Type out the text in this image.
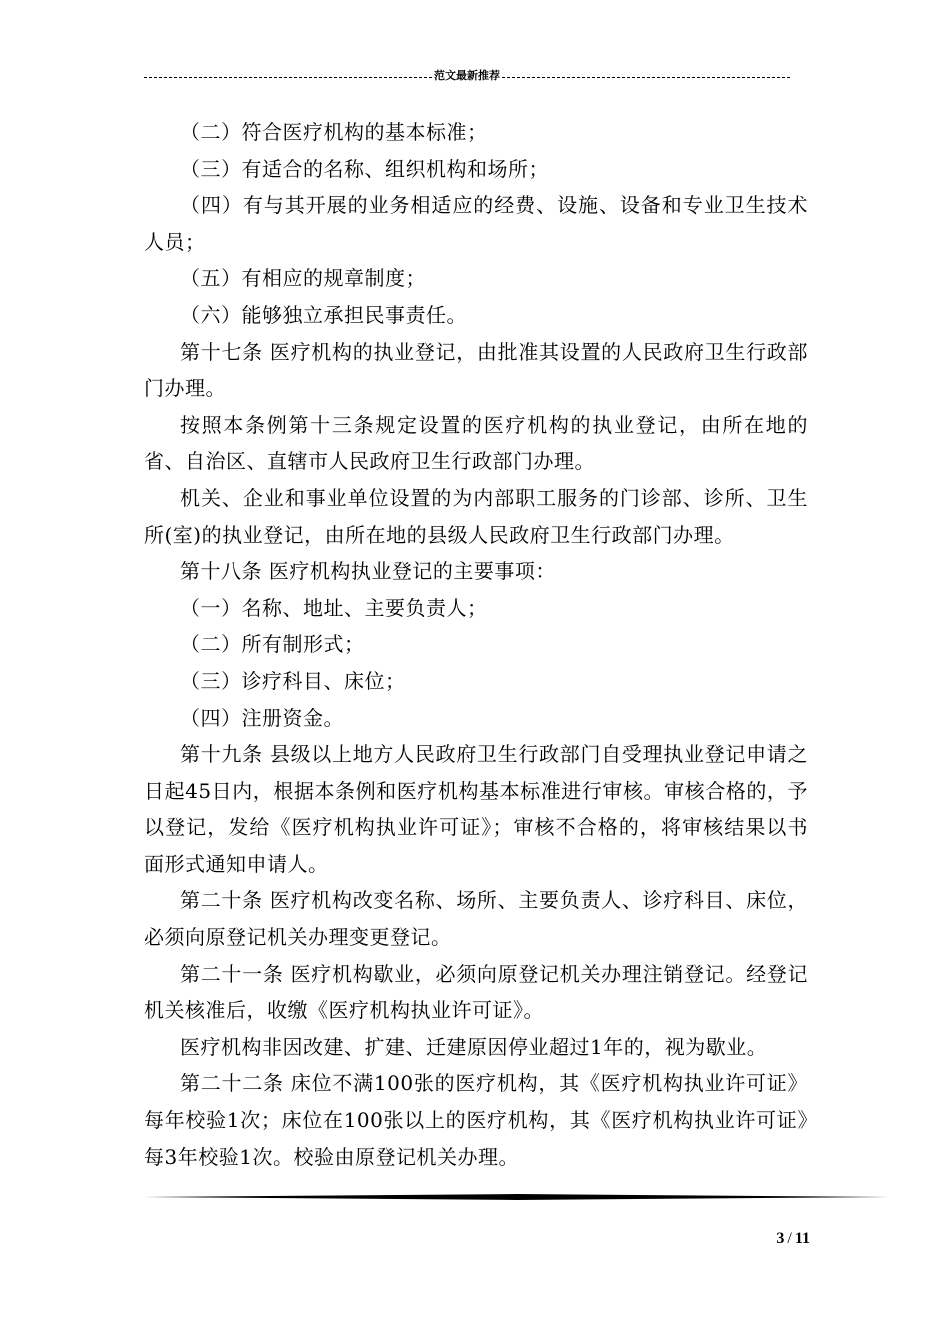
范文最新推荐

（二）符合医疗机构的基本标准；

（三）有适合的名称、组织机构和场所；

（四）有与其开展的业务相适应的经费、设施、设备和专业卫生技术人员；

（五）有相应的规章制度；

（六）能够独立承担民事责任。

第十七条 医疗机构的执业登记，由批准其设置的人民政府卫生行政部门办理。

按照本条例第十三条规定设置的医疗机构的执业登记，由所在地的省、自治区、直辖市人民政府卫生行政部门办理。

机关、企业和事业单位设置的为内部职工服务的门诊部、诊所、卫生所(室)的执业登记，由所在地的县级人民政府卫生行政部门办理。

第十八条 医疗机构执业登记的主要事项：

（一）名称、地址、主要负责人；

（二）所有制形式；

（三）诊疗科目、床位；

（四）注册资金。

第十九条 县级以上地方人民政府卫生行政部门自受理执业登记申请之日起45日内，根据本条例和医疗机构基本标准进行审核。审核合格的，予以登记，发给《医疗机构执业许可证》；审核不合格的，将审核结果以书面形式通知申请人。

第二十条 医疗机构改变名称、场所、主要负责人、诊疗科目、床位，必须向原登记机关办理变更登记。

第二十一条 医疗机构歇业，必须向原登记机关办理注销登记。经登记机关核准后，收缴《医疗机构执业许可证》。

医疗机构非因改建、扩建、迁建原因停业超过1年的，视为歇业。

第二十二条 床位不满100张的医疗机构，其《医疗机构执业许可证》每年校验1次；床位在100张以上的医疗机构，其《医疗机构执业许可证》每3年校验1次。校验由原登记机关办理。

3 / 11
